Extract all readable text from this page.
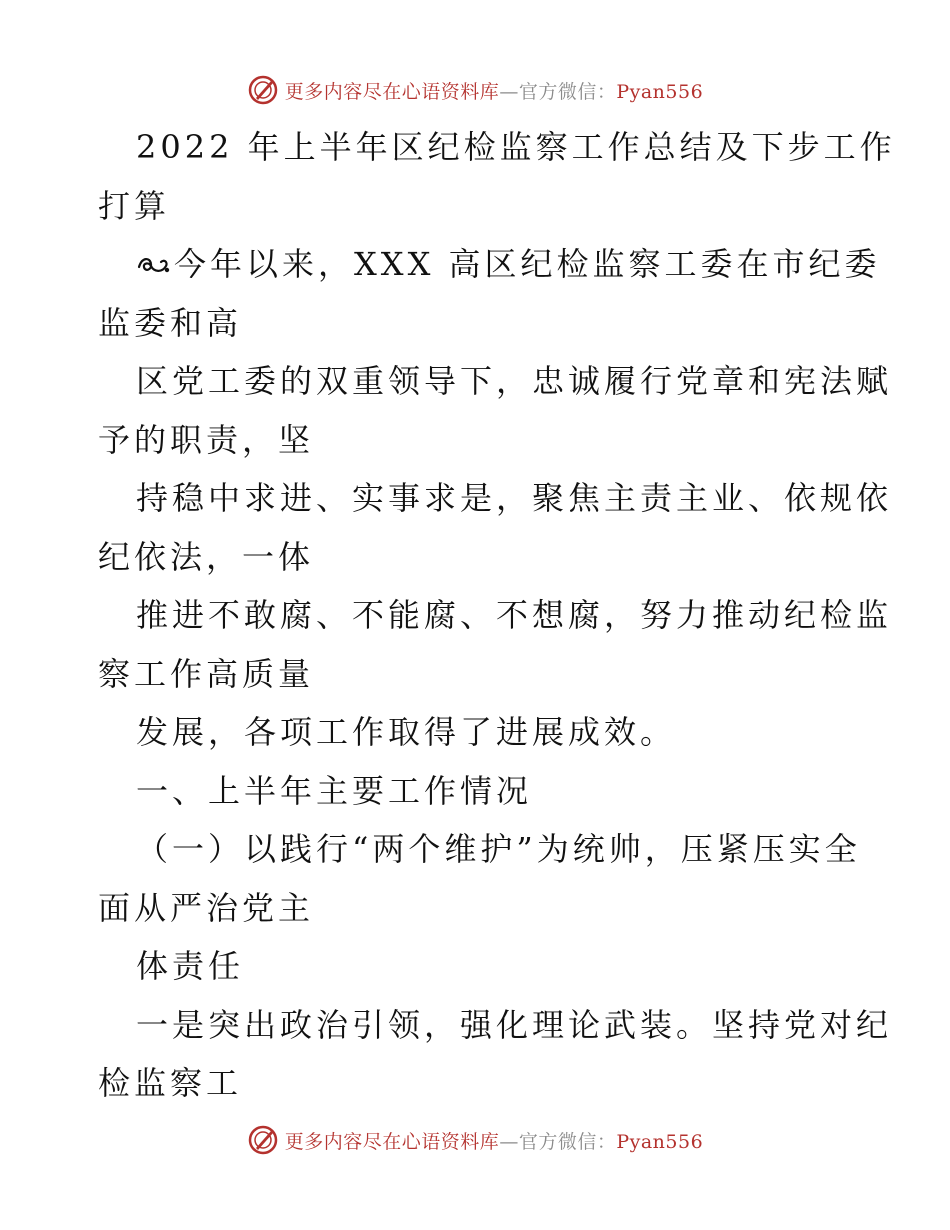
更多内容尽在心语资料库—官方微信：Pyan556
2022 年上半年区纪检监察工作总结及下步工作
打算
今年以来，XXX 高区纪检监察工委在市纪委
监委和高
区党工委的双重领导下，忠诚履行党章和宪法赋
予的职责，坚
持稳中求进、实事求是，聚焦主责主业、依规依
纪依法，一体
推进不敢腐、不能腐、不想腐，努力推动纪检监
察工作高质量
发展，各项工作取得了进展成效。
一、上半年主要工作情况
（一）以践行“两个维护”为统帅，压紧压实全
面从严治党主
体责任
一是突出政治引领，强化理论武装。坚持党对纪
检监察工
更多内容尽在心语资料库—官方微信：Pyan556
